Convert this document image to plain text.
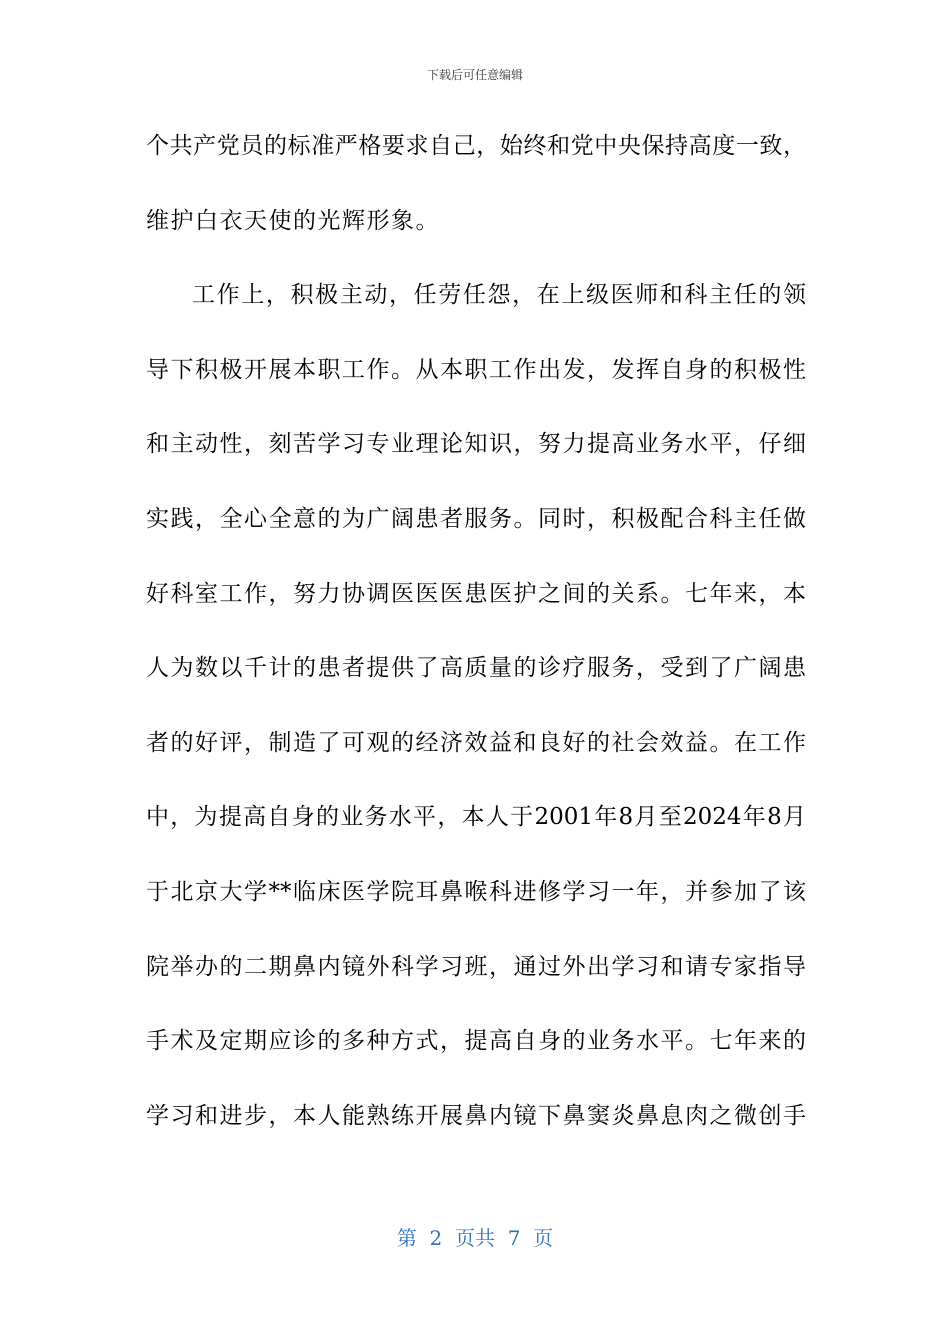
下载后可任意编辑
个共产党员的标准严格要求自己，始终和党中央保持高度一致，
维护白衣天使的光辉形象。
工作上，积极主动，任劳任怨，在上级医师和科主任的领
导下积极开展本职工作。从本职工作出发，发挥自身的积极性
和主动性，刻苦学习专业理论知识，努力提高业务水平，仔细
实践，全心全意的为广阔患者服务。同时，积极配合科主任做
好科室工作，努力协调医医医患医护之间的关系。七年来，本
人为数以千计的患者提供了高质量的诊疗服务，受到了广阔患
者的好评，制造了可观的经济效益和良好的社会效益。在工作
中，为提高自身的业务水平，本人于2001年8月至2024年8月
于北京大学**临床医学院耳鼻喉科进修学习一年，并参加了该
院举办的二期鼻内镜外科学习班，通过外出学习和请专家指导
手术及定期应诊的多种方式，提高自身的业务水平。七年来的
学习和进步，本人能熟练开展鼻内镜下鼻窦炎鼻息肉之微创手
第  2  页共  7  页
